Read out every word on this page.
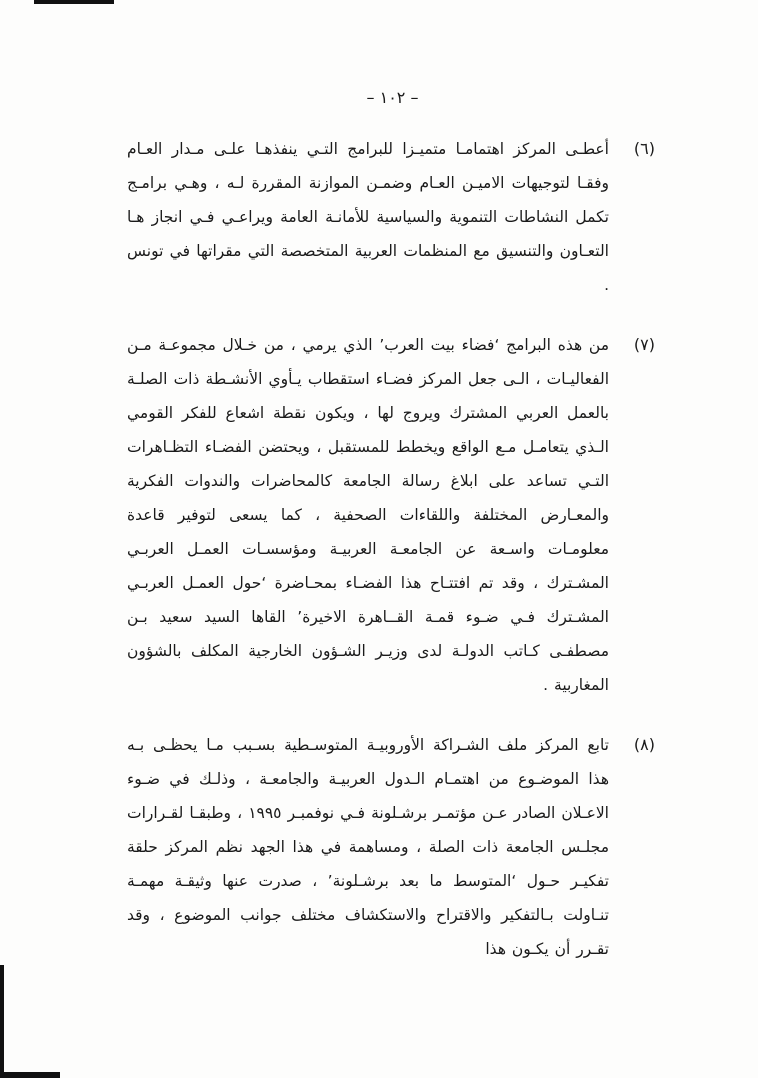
– ١٠٢ –
(٦)

أعطـى المركز اهتمامـا متميـزا للبرامج التـي ينفذهـا علـى مـدار العـام وفقـا لتوجيهات الاميـن العـام وضمـن الموازنة المقررة لـه ، وهـي برامـج تكمل النشاطات التنموية والسياسية للأمانـة العامة ويراعـي فـي انجاز هـا التعـاون والتنسيق مع المنظمات العربية المتخصصة التي مقراتها في تونس .

(٧)

من هذه البرامج ‘فضاء بيت العرب’ الذي يرمي ، من خـلال مجموعـة مـن الفعاليـات ، الـى جعل المركز فضـاء استقطاب يـأوي الأنشـطة ذات الصلـة بالعمل العربي المشترك ويروج لها ، ويكون نقطة اشعاع للفكر القومي الـذي يتعامـل مـع الواقع ويخطط للمستقبل ، ويحتضن الفضـاء التظـاهرات التـي تساعد على ابلاغ رسالة الجامعة كالمحاضرات والندوات الفكرية والمعـارض المختلفة واللقاءات الصحفية ، كما يسعى لتوفير قاعدة معلومـات واسـعة عن الجامعـة العربيـة ومؤسسـات العمـل العربـي المشـترك ، وقد تم افتتـاح هذا الفضـاء بمحـاضرة ‘حول العمـل العربـي المشـترك فـي ضـوء قمـة القــاهرة الاخيرة’ القاها السيد سعيد بـن مصطفـى كـاتب الدولـة لدى وزيـر الشـؤون الخارجية المكلف بالشؤون المغاربية .

(٨)

تابع المركز ملف الشـراكة الأوروبيـة المتوسـطية بسـبب مـا يحظـى بـه هذا الموضـوع من اهتمـام الـدول العربيـة والجامعـة ، وذلـك في ضـوء الاعـلان الصادر عـن مؤتمـر برشـلونة فـي نوفمبـر ١٩٩٥ ، وطبقـا لقـرارات مجلـس الجامعة ذات الصلة ، ومساهمة في هذا الجهد نظم المركز حلقة تفكيـر حـول ‘المتوسط ما بعد برشـلونة’ ، صدرت عنها وثيقـة مهمـة تنـاولت بـالتفكير والاقتراح والاستكشاف مختلف جوانب الموضوع ، وقد تقـرر أن يكـون هذا
